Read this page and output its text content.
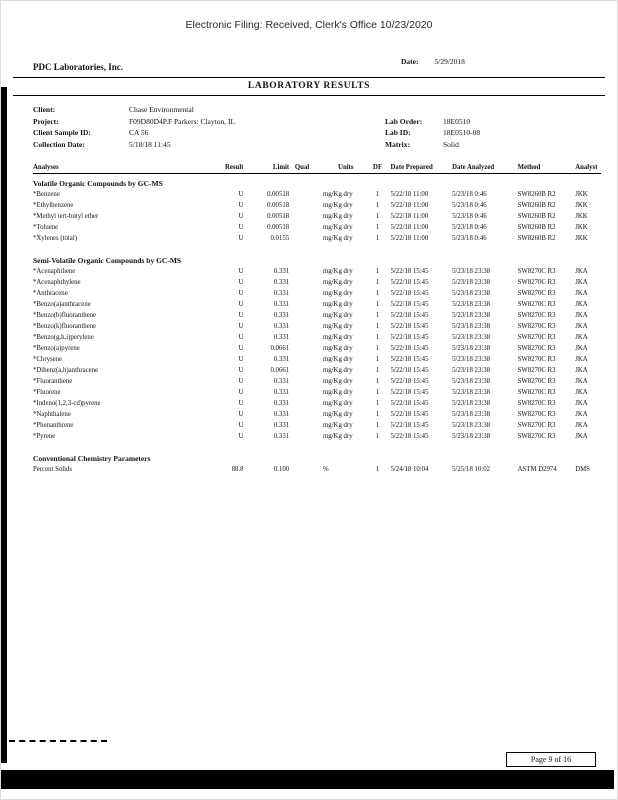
Electronic Filing: Received, Clerk's Office 10/23/2020
PDC Laboratories, Inc.
Date: 5/29/2018
LABORATORY RESULTS
Client:	Chase Environmental
Project:	F09D80D4P.F Parkers: Clayton, IL
Client Sample ID:	CA 56
Collection Date:	5/18/18 11:45
Lab Order:	18E0510
Lab ID:	18E0510-08
Matrix:	Solid
Analyses	Result	Limit Qual	Units	DF	Date Prepared	Date Analyzed	Method	Analyst
Volatile Organic Compounds by GC-MS
*Benzene	U	0.00518	mg/Kg dry	1	5/22/18 11:00	5/23/18 0:46	SW8260B R2	JKK
*Ethylbenzene	U	0.00518	mg/Kg dry	1	5/22/18 11:00	5/23/18 0:46	SW8260B R2	JKK
*Methyl tert-butyl ether	U	0.00518	mg/Kg dry	1	5/22/18 11:00	5/23/18 0:46	SW8260B R2	JKK
*Toluene	U	0.00518	mg/Kg dry	1	5/22/18 11:00	5/23/18 0:46	SW8260B R2	JKK
*Xylenes (total)	U	0.0155	mg/Kg dry	1	5/22/18 11:00	5/23/18 0:46	SW8260B R2	JKK
Semi-Volatile Organic Compounds by GC-MS
*Acenaphthene	U	0.331	mg/Kg dry	1	5/22/18 15:45	5/23/18 23:38	SW8270C R3	JKA
*Acenaphthylene	U	0.331	mg/Kg dry	1	5/22/18 15:45	5/23/18 23:38	SW8270C R3	JKA
*Anthracene	U	0.331	mg/Kg dry	1	5/22/18 15:45	5/23/18 23:38	SW8270C R3	JKA
*Benzo(a)anthracene	U	0.331	mg/Kg dry	1	5/22/18 15:45	5/23/18 23:38	SW8270C R3	JKA
*Benzo(b)fluoranthene	U	0.331	mg/Kg dry	1	5/22/18 15:45	5/23/18 23:38	SW8270C R3	JKA
*Benzo(k)fluoranthene	U	0.331	mg/Kg dry	1	5/22/18 15:45	5/23/18 23:38	SW8270C R3	JKA
*Benzo(g,h,i)perylene	U	0.331	mg/Kg dry	1	5/22/18 15:45	5/23/18 23:38	SW8270C R3	JKA
*Benzo(a)pyrene	U	0.0661	mg/Kg dry	1	5/22/18 15:45	5/23/18 23:38	SW8270C R3	JKA
*Chrysene	U	0.331	mg/Kg dry	1	5/22/18 15:45	5/23/18 23:38	SW8270C R3	JKA
*Dibenz(a,h)anthracene	U	0.0661	mg/Kg dry	1	5/22/18 15:45	5/23/18 23:38	SW8270C R3	JKA
*Fluoranthene	U	0.331	mg/Kg dry	1	5/22/18 15:45	5/23/18 23:38	SW8270C R3	JKA
*Fluorene	U	0.331	mg/Kg dry	1	5/22/18 15:45	5/23/18 23:38	SW8270C R3	JKA
*Indeno(1,2,3-cd)pyrene	U	0.331	mg/Kg dry	1	5/22/18 15:45	5/23/18 23:38	SW8270C R3	JKA
*Naphthalene	U	0.331	mg/Kg dry	1	5/22/18 15:45	5/23/18 23:38	SW8270C R3	JKA
*Phenanthrene	U	0.331	mg/Kg dry	1	5/22/18 15:45	5/23/18 23:38	SW8270C R3	JKA
*Pyrene	U	0.331	mg/Kg dry	1	5/22/18 15:45	5/23/18 23:38	SW8270C R3	JKA
Conventional Chemistry Parameters
Percent Solids	88.8	0.100	%	1	5/24/18 10:04	5/25/18 10:02	ASTM D2974	DMS
Page 9 of 16
